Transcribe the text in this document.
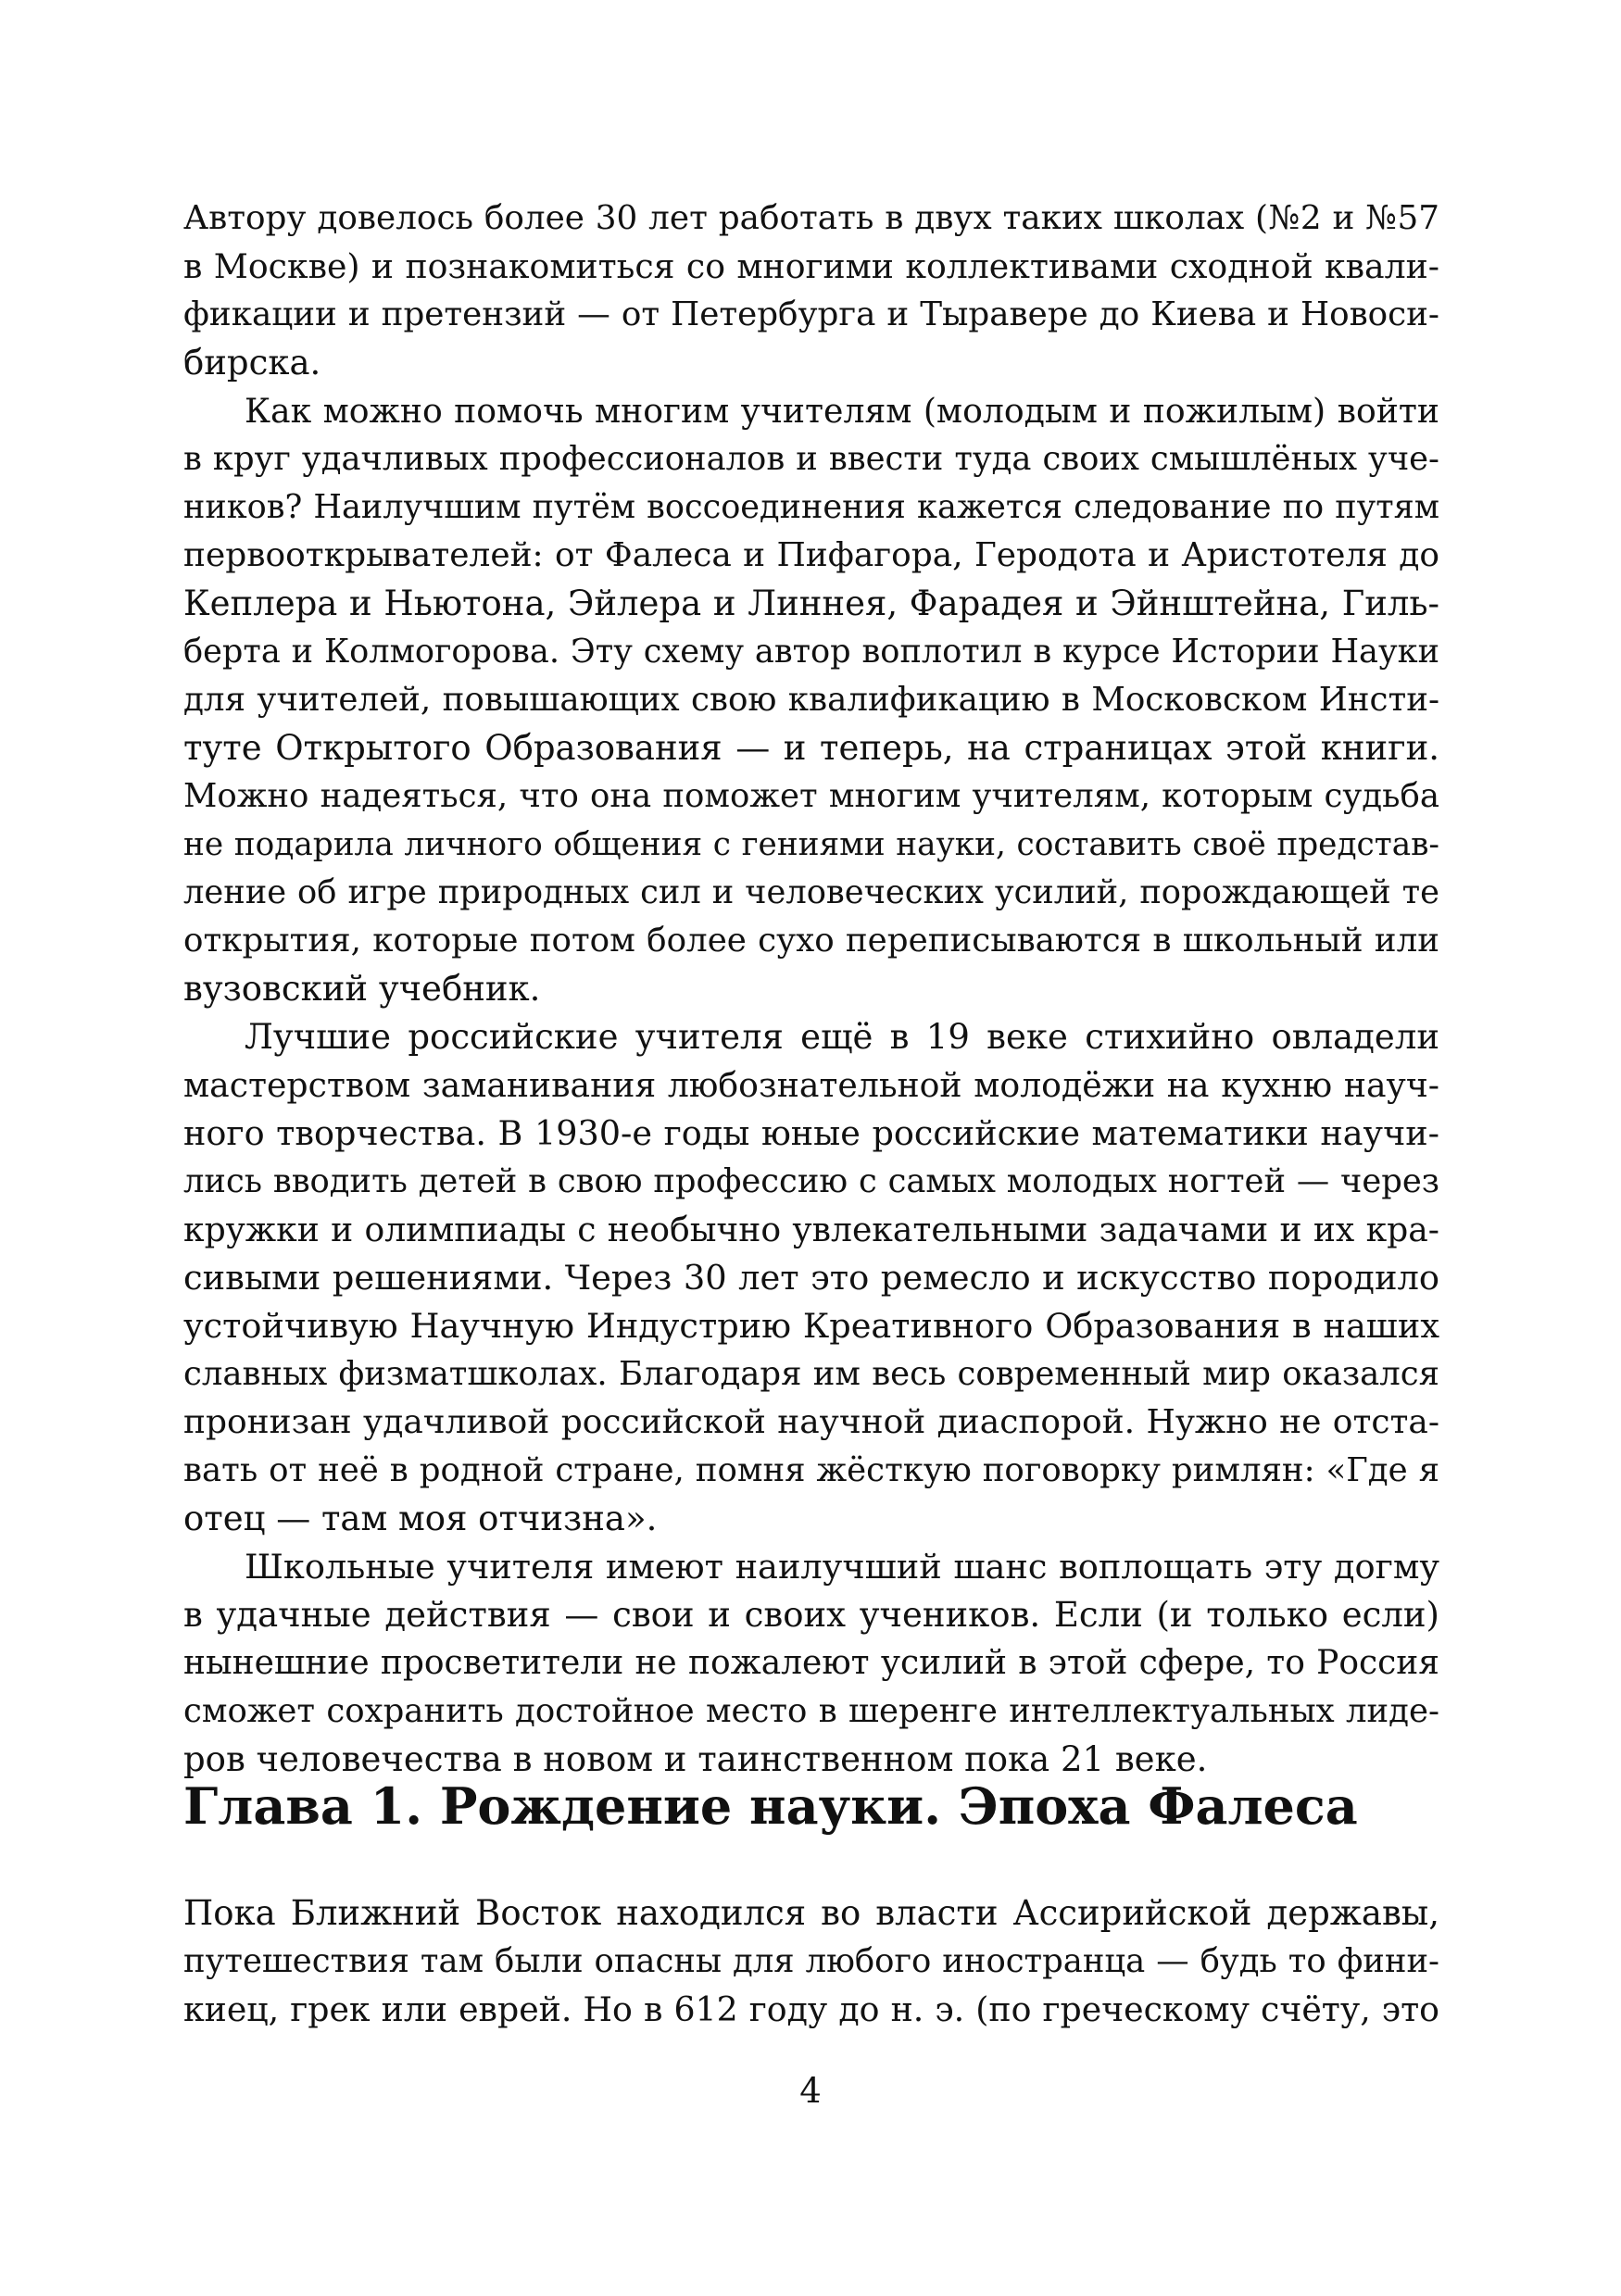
Автору довелось более 30 лет работать в двух таких школах (№2 и №57
в Москве) и познакомиться со многими коллективами сходной квали-
фикации и претензий — от Петербурга и Тыравере до Киева и Новоси-
бирска.
Как можно помочь многим учителям (молодым и пожилым) войти
в круг удачливых профессионалов и ввести туда своих смышлёных уче-
ников? Наилучшим путём воссоединения кажется следование по путям
первооткрывателей: от Фалеса и Пифагора, Геродота и Аристотеля до
Кеплера и Ньютона, Эйлера и Линнея, Фарадея и Эйнштейна, Гиль-
берта и Колмогорова. Эту схему автор воплотил в курсе Истории Науки
для учителей, повышающих свою квалификацию в Московском Инсти-
туте Открытого Образования — и теперь, на страницах этой книги.
Можно надеяться, что она поможет многим учителям, которым судьба
не подарила личного общения с гениями науки, составить своё представ-
ление об игре природных сил и человеческих усилий, порождающей те
открытия, которые потом более сухо переписываются в школьный или
вузовский учебник.
Лучшие российские учителя ещё в 19 веке стихийно овладели
мастерством заманивания любознательной молодёжи на кухню науч-
ного творчества. В 1930-е годы юные российские математики научи-
лись вводить детей в свою профессию с самых молодых ногтей — через
кружки и олимпиады с необычно увлекательными задачами и их кра-
сивыми решениями. Через 30 лет это ремесло и искусство породило
устойчивую Научную Индустрию Креативного Образования в наших
славных физматшколах. Благодаря им весь современный мир оказался
пронизан удачливой российской научной диаспорой. Нужно не отста-
вать от неё в родной стране, помня жёсткую поговорку римлян: «Где я
отец — там моя отчизна».
Школьные учителя имеют наилучший шанс воплощать эту догму
в удачные действия — свои и своих учеников. Если (и только если)
нынешние просветители не пожалеют усилий в этой сфере, то Россия
сможет сохранить достойное место в шеренге интеллектуальных лиде-
ров человечества в новом и таинственном пока 21 веке.
Глава 1. Рождение науки. Эпоха Фалеса
Пока Ближний Восток находился во власти Ассирийской державы,
путешествия там были опасны для любого иностранца — будь то фини-
киец, грек или еврей. Но в 612 году до н. э. (по греческому счёту, это
4
